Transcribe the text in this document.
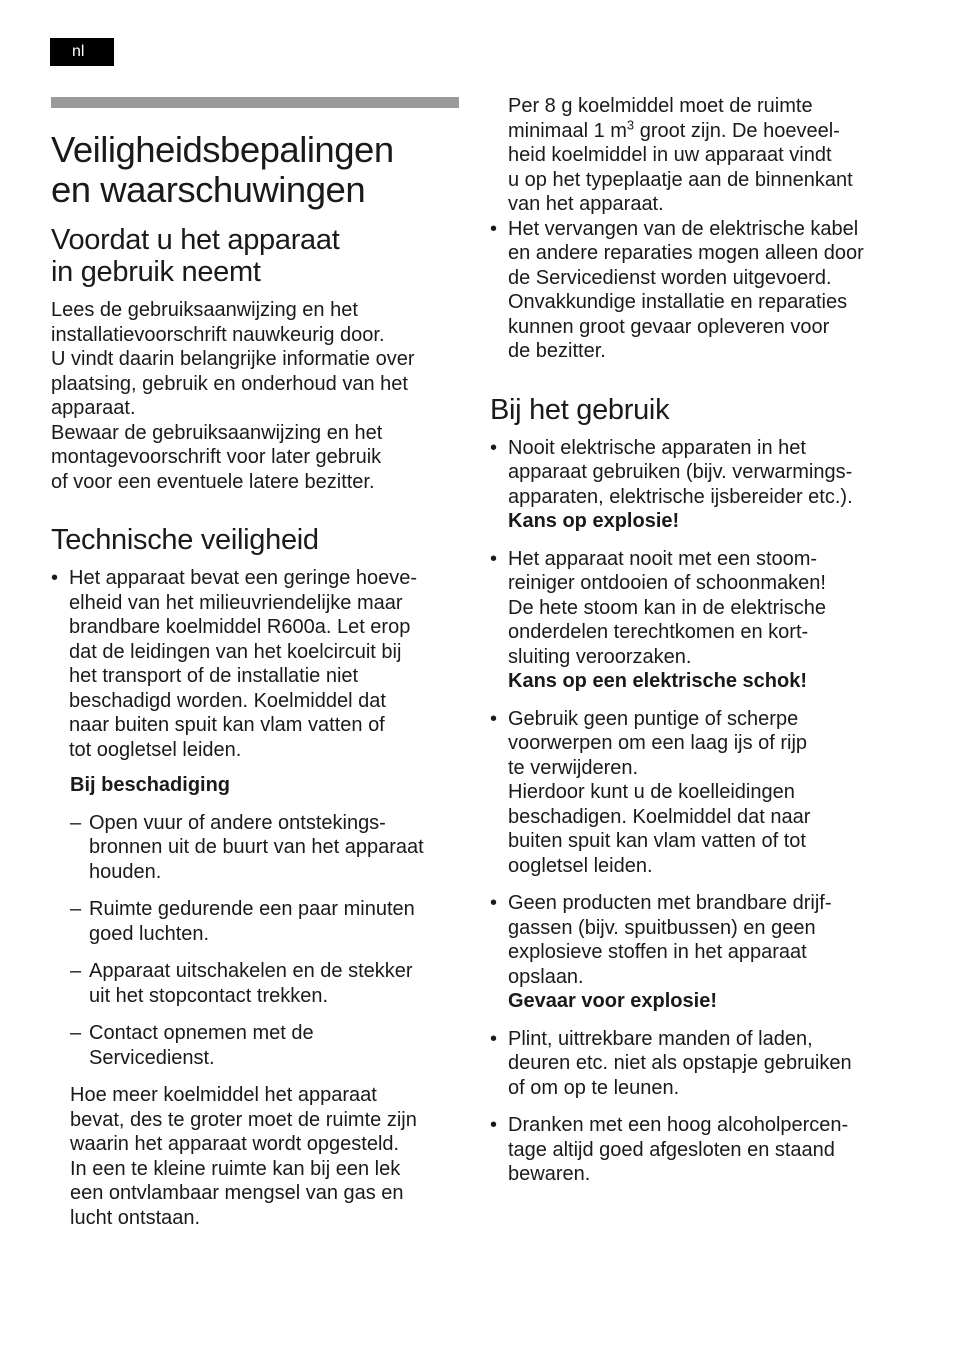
nl
Veiligheidsbepalingen
en waarschuwingen
Voordat u het apparaat
in gebruik neemt

Lees de gebruiksaanwijzing en het
installatievoorschrift nauwkeurig door.
U vindt daarin belangrijke informatie over
plaatsing, gebruik en onderhoud van het
apparaat.
Bewaar de gebruiksaanwijzing en het
montagevoorschrift voor later gebruik
of voor een eventuele latere bezitter.

Technische veiligheid
• Het apparaat bevat een geringe hoeve-
elheid van het milieuvriendelijke maar
brandbare koelmiddel R600a. Let erop
dat de leidingen van het koelcircuit bij
het transport of de installatie niet
beschadigd worden. Koelmiddel dat
naar buiten spuit kan vlam vatten of
tot oogletsel leiden.
Bij beschadiging
– Open vuur of andere ontstekings-
bronnen uit de buurt van het apparaat
houden.
– Ruimte gedurende een paar minuten
goed luchten.
– Apparaat uitschakelen en de stekker
uit het stopcontact trekken.
– Contact opnemen met de
Servicedienst.

Hoe meer koelmiddel het apparaat
bevat, des te groter moet de ruimte zijn
waarin het apparaat wordt opgesteld.
In een te kleine ruimte kan bij een lek
een ontvlambaar mengsel van gas en
lucht ontstaan.

Per 8 g koelmiddel moet de ruimte
minimaal 1 $m^3$ groot zijn. De hoeveel-
heid koelmiddel in uw apparaat vindt
u op het typeplaatje aan de binnenkant
van het apparaat.

• Het vervangen van de elektrische kabel
en andere reparaties mogen alleen door
de Servicedienst worden uitgevoerd.
Onvakkundige installatie en reparaties
kunnen groot gevaar opleveren voor
de bezitter.
Bij het gebruik
• Nooit elektrische apparaten in het
apparaat gebruiken (bijv. verwarmings-
apparaten, elektrische ijsbereider etc.).
Kans op explosie!
• Het apparaat nooit met een stoom-
reiniger ontdooien of schoonmaken!
De hete stoom kan in de elektrische
onderdelen terechtkomen en kort-
sluiting veroorzaken.
Kans op een elektrische schok!
• Gebruik geen puntige of scherpe
voorwerpen om een laag ijs of rijp
te verwijderen.
Hierdoor kunt u de koelleidingen
beschadigen. Koelmiddel dat naar
buiten spuit kan vlam vatten of tot
oogletsel leiden.
• Geen producten met brandbare drijf-
gassen (bijv. spuitbussen) en geen
explosieve stoffen in het apparaat
opslaan.
Gevaar voor explosie!
• Plint, uittrekbare manden of laden,
deuren etc. niet als opstapje gebruiken
of om op te leunen.
• Dranken met een hoog alcoholpercen-
tage altijd goed afgesloten en staand
bewaren.
